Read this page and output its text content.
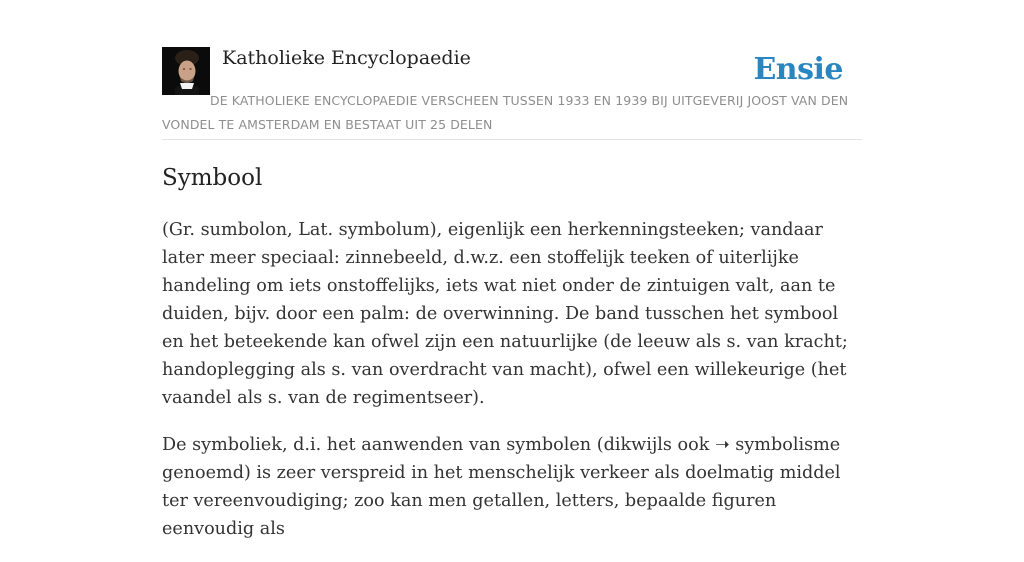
Katholieke Encyclopaedie	Ensie
DE KATHOLIEKE ENCYCLOPAEDIE VERSCHEEN TUSSEN 1933 EN 1939 BIJ UITGEVERIJ JOOST VAN DEN VONDEL TE AMSTERDAM EN BESTAAT UIT 25 DELEN
Symbool

(Gr. sumbolon, Lat. symbolum), eigenlijk een herkenningsteeken; vandaar later meer speciaal: zinnebeeld, d.w.z. een stoffelijk teeken of uiterlijke handeling om iets onstoffelijks, iets wat niet onder de zintuigen valt, aan te duiden, bijv. door een palm: de overwinning. De band tusschen het symbool en het beteekende kan ofwel zijn een natuurlijke (de leeuw als s. van kracht; handoplegging als s. van overdracht van macht), ofwel een willekeurige (het vaandel als s. van de regimentseer).

De symboliek, d.i. het aanwenden van symbolen (dikwijls ook ➝ symbolisme genoemd) is zeer verspreid in het menschelijk verkeer als doelmatig middel ter vereenvoudiging; zoo kan men getallen, letters, bepaalde figuren eenvoudig als
